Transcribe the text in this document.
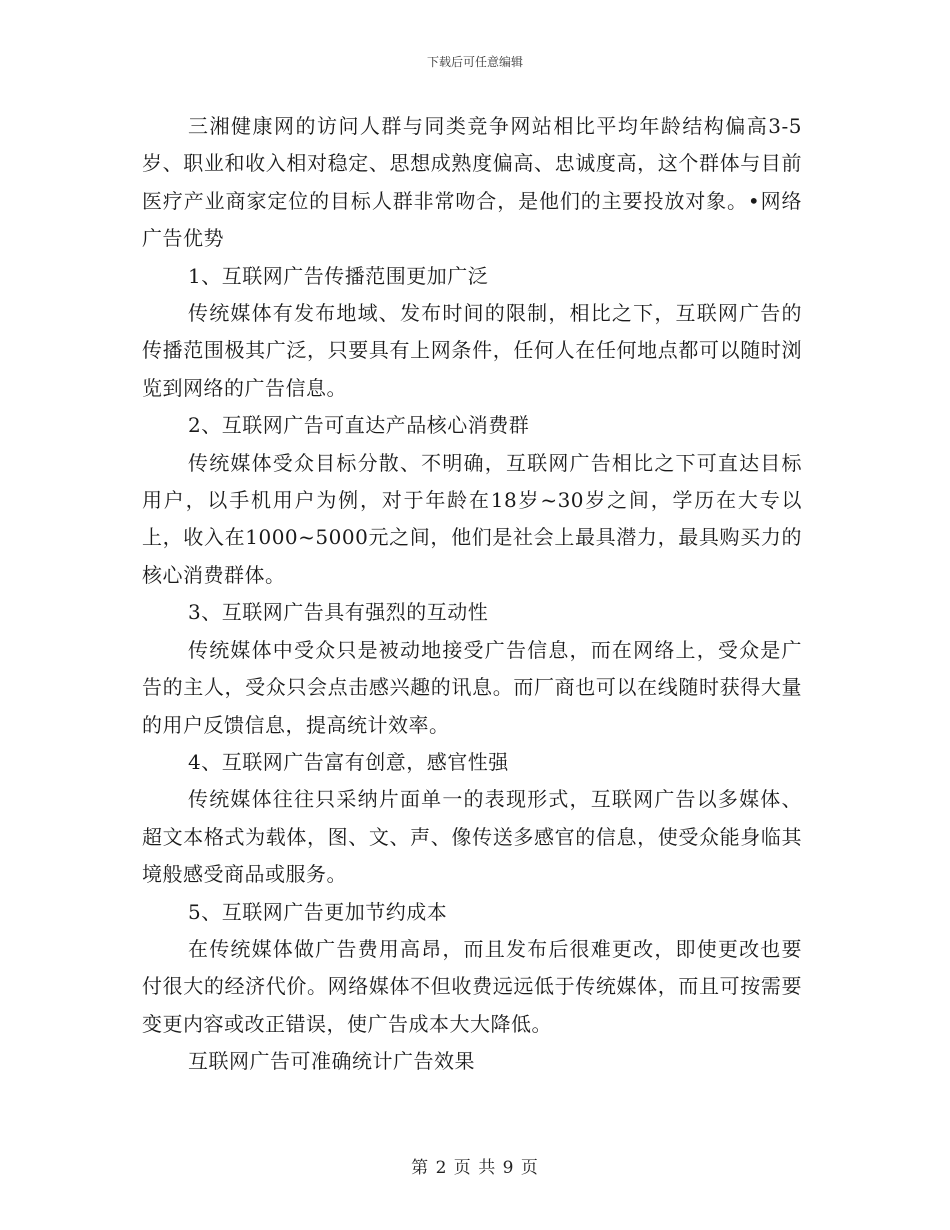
下载后可任意编辑

三湘健康网的访问人群与同类竞争网站相比平均年龄结构偏高3-5岁、职业和收入相对稳定、思想成熟度偏高、忠诚度高，这个群体与目前医疗产业商家定位的目标人群非常吻合，是他们的主要投放对象。•网络广告优势

1、互联网广告传播范围更加广泛

传统媒体有发布地域、发布时间的限制，相比之下，互联网广告的传播范围极其广泛，只要具有上网条件，任何人在任何地点都可以随时浏览到网络的广告信息。

2、互联网广告可直达产品核心消费群

传统媒体受众目标分散、不明确，互联网广告相比之下可直达目标用户，以手机用户为例，对于年龄在18岁~30岁之间，学历在大专以上，收入在1000~5000元之间，他们是社会上最具潜力，最具购买力的核心消费群体。

3、互联网广告具有强烈的互动性

传统媒体中受众只是被动地接受广告信息，而在网络上，受众是广告的主人，受众只会点击感兴趣的讯息。而厂商也可以在线随时获得大量的用户反馈信息，提高统计效率。

4、互联网广告富有创意，感官性强

传统媒体往往只采纳片面单一的表现形式，互联网广告以多媒体、超文本格式为载体，图、文、声、像传送多感官的信息，使受众能身临其境般感受商品或服务。

5、互联网广告更加节约成本

在传统媒体做广告费用高昂，而且发布后很难更改，即使更改也要付很大的经济代价。网络媒体不但收费远远低于传统媒体，而且可按需要变更内容或改正错误，使广告成本大大降低。

互联网广告可准确统计广告效果

第 2 页 共 9 页
